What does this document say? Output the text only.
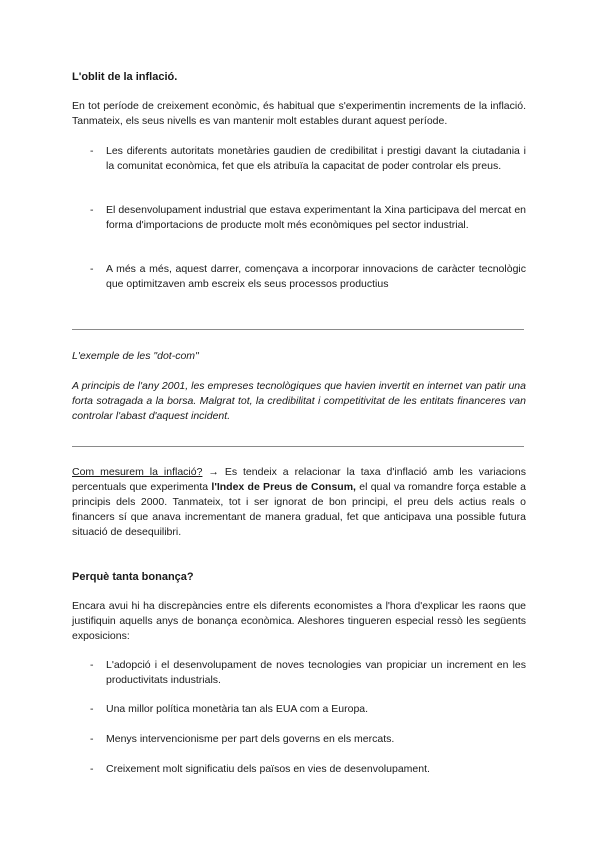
L'oblit de la inflació.

En tot període de creixement econòmic, és habitual que s'experimentin increments de la inflació. Tanmateix, els seus nivells es van mantenir molt estables durant aquest període.

- Les diferents autoritats monetàries gaudien de credibilitat i prestigi davant la ciutadania i la comunitat econòmica, fet que els atribuïa la capacitat de poder controlar els preus.
- El desenvolupament industrial que estava experimentant la Xina participava del mercat en forma d'importacions de producte molt més econòmiques pel sector industrial.
- A més a més, aquest darrer, començava a incorporar innovacions de caràcter tecnològic que optimitzaven amb escreix els seus processos productius

L'exemple de les "dot-com"

A principis de l'any 2001, les empreses tecnològiques que havien invertit en internet van patir una forta sotragada a la borsa. Malgrat tot, la credibilitat i competitivitat de les entitats financeres van controlar l'abast d'aquest incident.

Com mesurem la inflació? → Es tendeix a relacionar la taxa d'inflació amb les variacions percentuals que experimenta l'Index de Preus de Consum, el qual va romandre força estable a principis dels 2000. Tanmateix, tot i ser ignorat de bon principi, el preu dels actius reals o financers sí que anava incrementant de manera gradual, fet que anticipava una possible futura situació de desequilibri.

Perquè tanta bonança?

Encara avui hi ha discrepàncies entre els diferents economistes a l'hora d'explicar les raons que justifiquin aquells anys de bonança econòmica. Aleshores tingueren especial ressò les següents exposicions:

- L'adopció i el desenvolupament de noves tecnologies van propiciar un increment en les productivitats industrials.
- Una millor política monetària tan als EUA com a Europa.
- Menys intervencionisme per part dels governs en els mercats.
- Creixement molt significatiu dels països en vies de desenvolupament.
